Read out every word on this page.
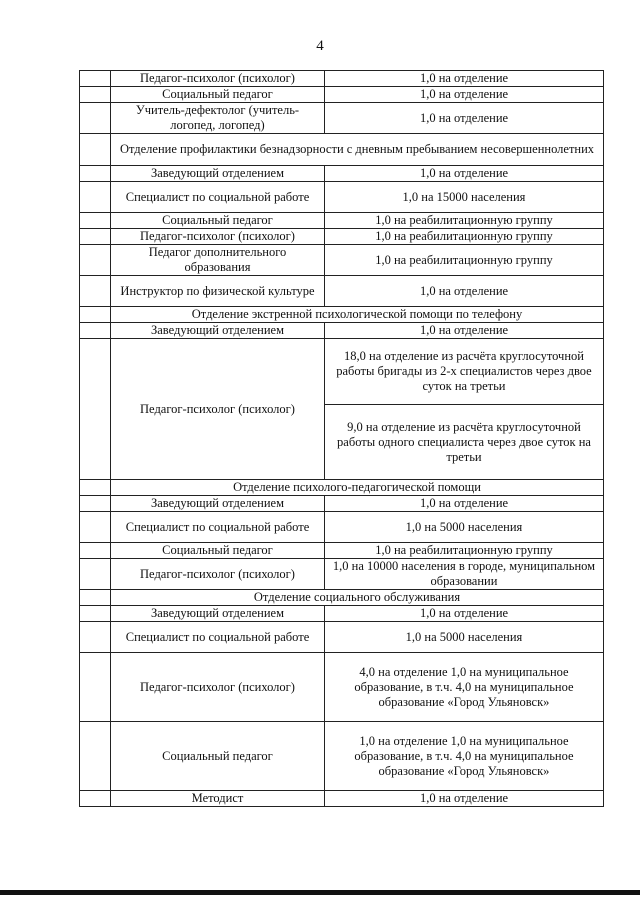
4
	Педагог-психолог (психолог)	1,0 на отделение
	Социальный педагог	1,0 на отделение
	Учитель-дефектолог (учитель-логопед, логопед)	1,0 на отделение
	Отделение профилактики безнадзорности с дневным пребыванием несовершеннолетних	
	Заведующий отделением	1,0 на отделение
	Специалист по социальной работе	1,0 на 15000 населения
	Социальный педагог	1,0 на реабилитационную группу
	Педагог-психолог (психолог)	1,0 на реабилитационную группу
	Педагог дополнительного образования	1,0 на реабилитационную группу
	Инструктор по физической культуре	1,0 на отделение
	Отделение экстренной психологической помощи по телефону	
	Заведующий отделением	1,0 на отделение
	Педагог-психолог (психолог)	18,0 на отделение из расчёта круглосуточной работы бригады из 2-х специалистов через двое суток на третьи
		9,0 на отделение из расчёта круглосуточной работы одного специалиста через двое суток на третьи
	Отделение психолого-педагогической помощи	
	Заведующий отделением	1,0 на отделение
	Специалист по социальной работе	1,0 на 5000 населения
	Социальный педагог	1,0 на реабилитационную группу
	Педагог-психолог (психолог)	1,0 на 10000 населения в городе, муниципальном образовании
	Отделение социального обслуживания	
	Заведующий отделением	1,0 на отделение
	Специалист по социальной работе	1,0 на 5000 населения
	Педагог-психолог (психолог)	4,0 на отделение 1,0 на муниципальное образование, в т.ч. 4,0 на муниципальное образование «Город Ульяновск»
	Социальный педагог	1,0 на отделение 1,0 на муниципальное образование, в т.ч. 4,0 на муниципальное образование «Город Ульяновск»
	Методист	1,0 на отделение
